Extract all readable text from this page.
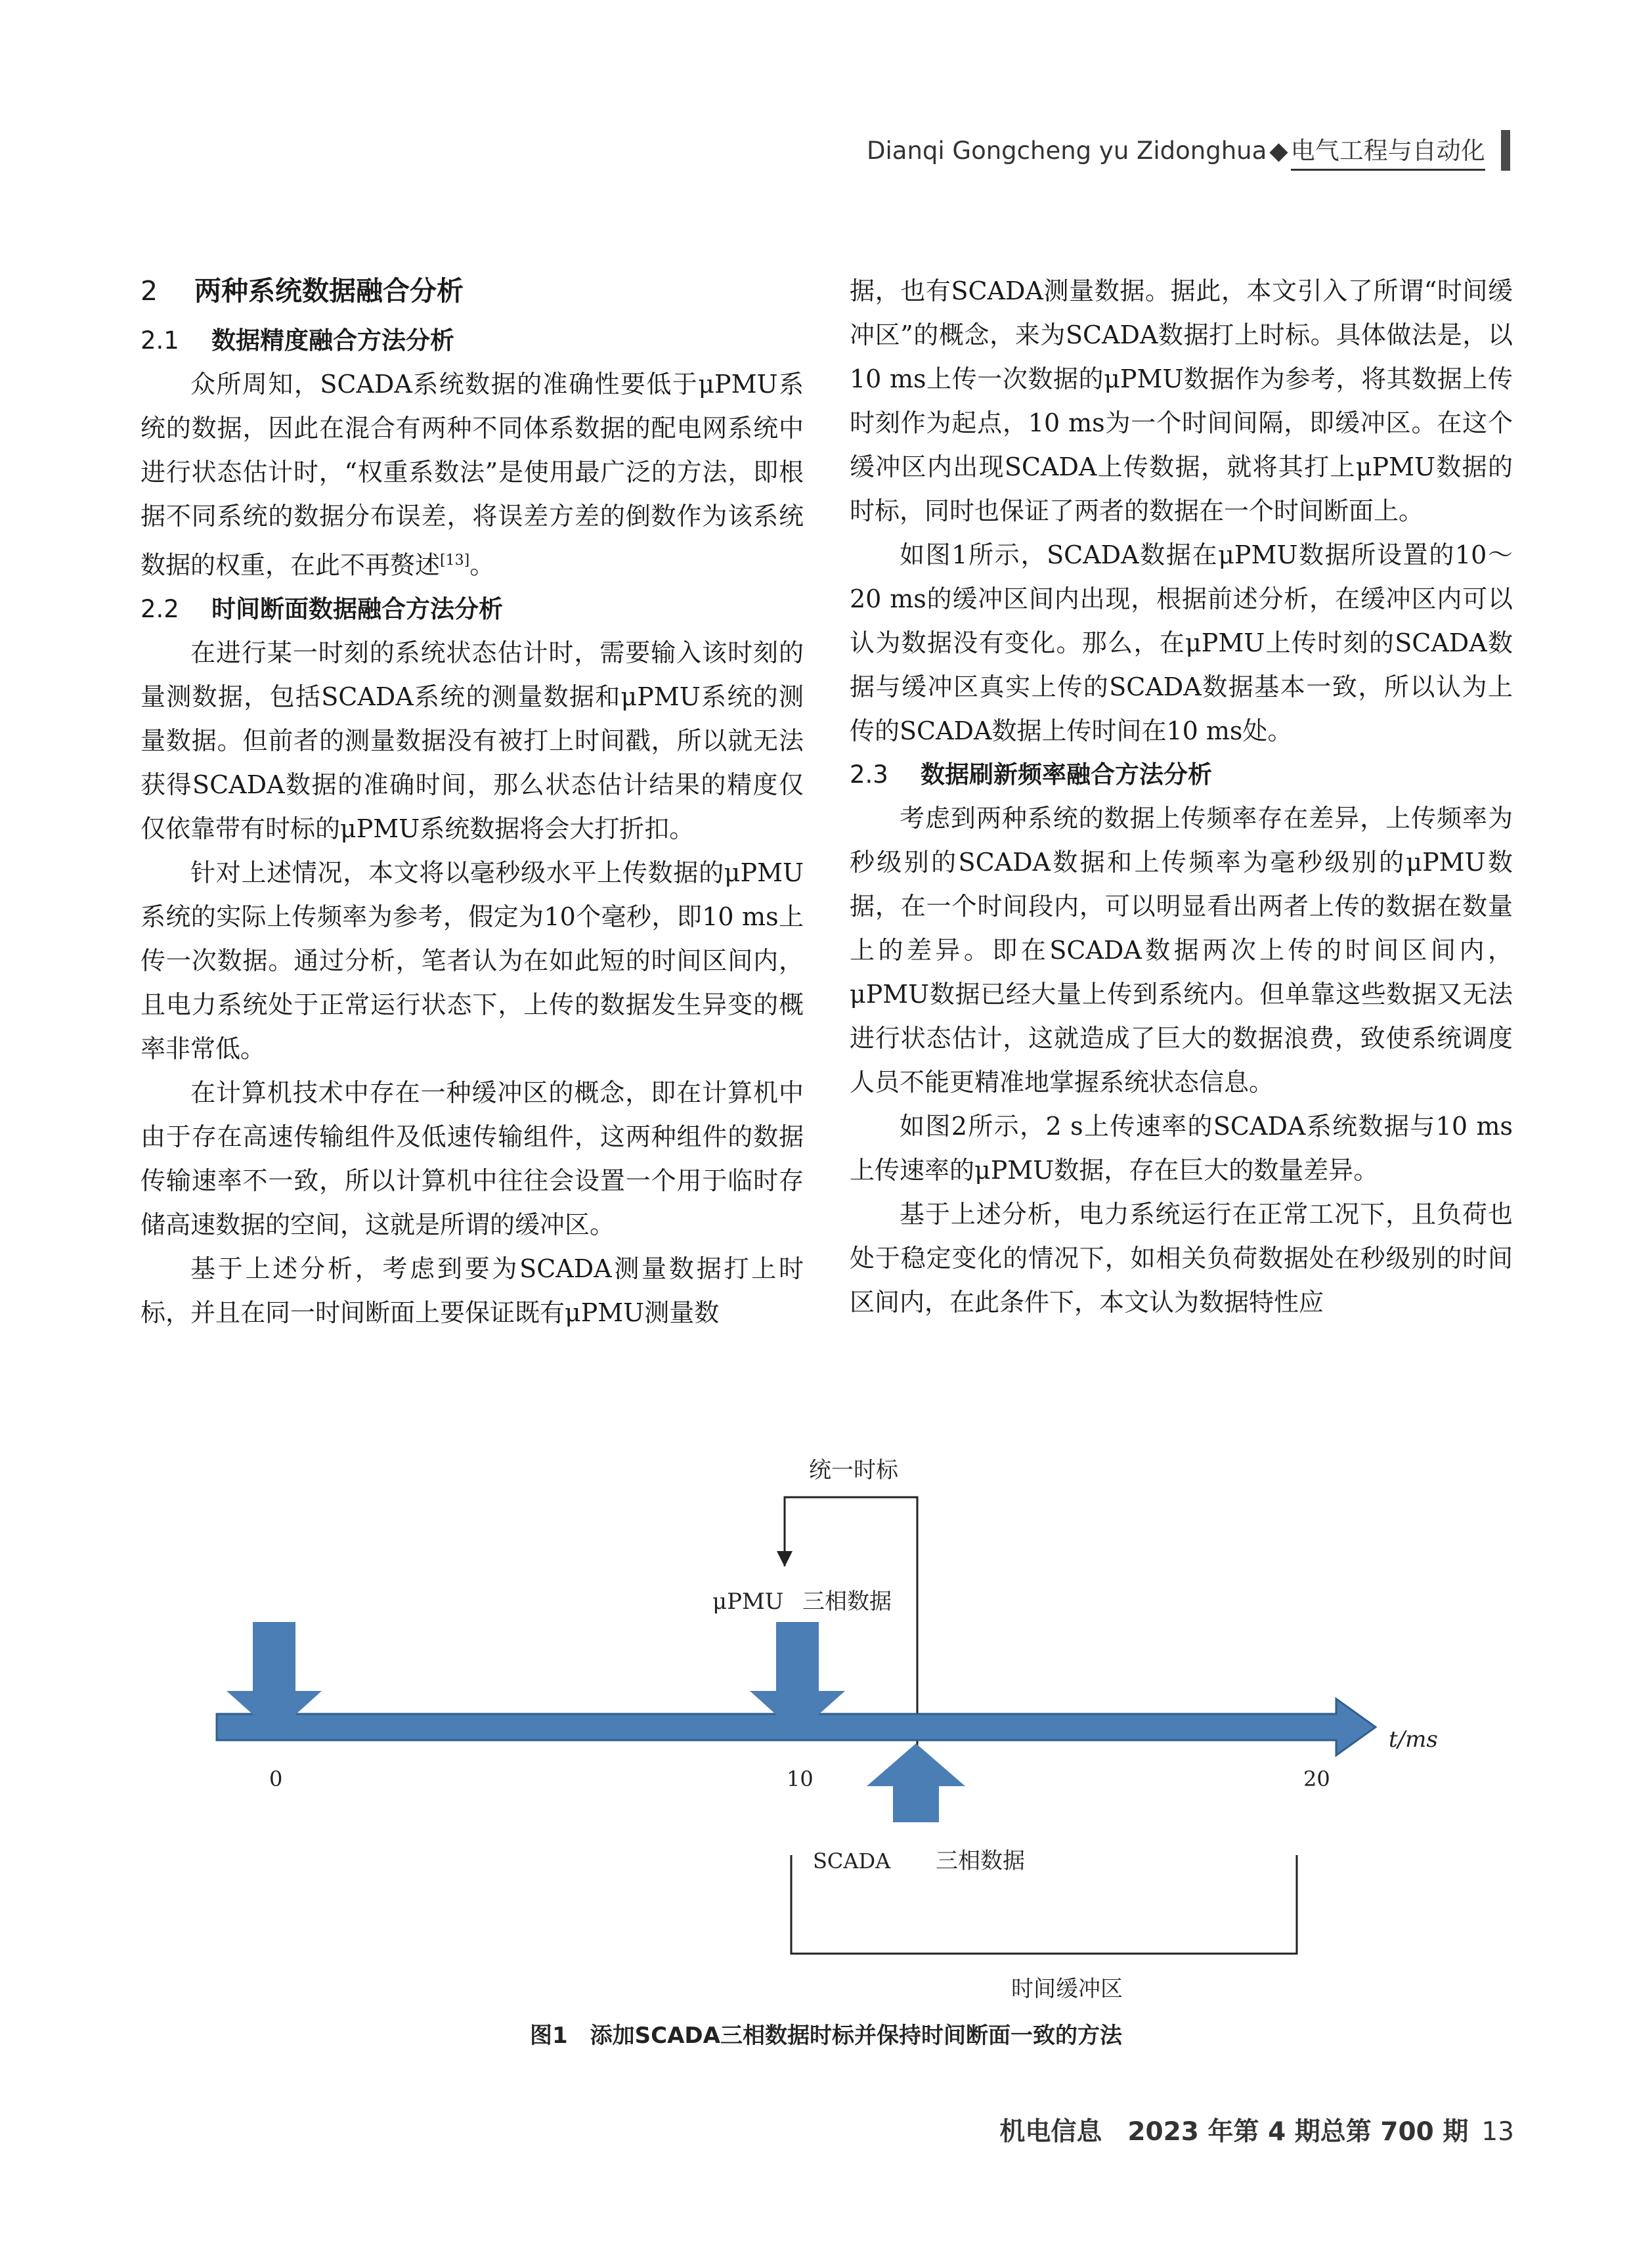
Dianqi Gongcheng yu Zidonghua ◆ 电气工程与自动化
2 两种系统数据融合分析
2.1 数据精度融合方法分析

众所周知，SCADA系统数据的准确性要低于μPMU系统的数据，因此在混合有两种不同体系数据的配电网系统中进行状态估计时，“权重系数法”是使用最广泛的方法，即根据不同系统的数据分布误差，将误差方差的倒数作为该系统数据的权重，在此不再赘述[13]。

2.2 时间断面数据融合方法分析

在进行某一时刻的系统状态估计时，需要输入该时刻的量测数据，包括SCADA系统的测量数据和μPMU系统的测量数据。但前者的测量数据没有被打上时间戳，所以就无法获得SCADA数据的准确时间，那么状态估计结果的精度仅仅依靠带有时标的μPMU系统数据将会大打折扣。

针对上述情况，本文将以毫秒级水平上传数据的μPMU系统的实际上传频率为参考，假定为10个毫秒，即10 ms上传一次数据。通过分析，笔者认为在如此短的时间区间内，且电力系统处于正常运行状态下，上传的数据发生异变的概率非常低。

在计算机技术中存在一种缓冲区的概念，即在计算机中由于存在高速传输组件及低速传输组件，这两种组件的数据传输速率不一致，所以计算机中往往会设置一个用于临时存储高速数据的空间，这就是所谓的缓冲区。

基于上述分析，考虑到要为SCADA测量数据打上时标，并且在同一时间断面上要保证既有μPMU测量数

据，也有SCADA测量数据。据此，本文引入了所谓“时间缓冲区”的概念，来为SCADA数据打上时标。具体做法是，以10 ms上传一次数据的μPMU数据作为参考，将其数据上传时刻作为起点，10 ms为一个时间间隔，即缓冲区。在这个缓冲区内出现SCADA上传数据，就将其打上μPMU数据的时标，同时也保证了两者的数据在一个时间断面上。

如图1所示，SCADA数据在μPMU数据所设置的10～20 ms的缓冲区间内出现，根据前述分析，在缓冲区内可以认为数据没有变化。那么，在μPMU上传时刻的SCADA数据与缓冲区真实上传的SCADA数据基本一致，所以认为上传的SCADA数据上传时间在10 ms处。

2.3 数据刷新频率融合方法分析

考虑到两种系统的数据上传频率存在差异，上传频率为秒级别的SCADA数据和上传频率为毫秒级别的μPMU数据，在一个时间段内，可以明显看出两者上传的数据在数量上的差异。即在SCADA数据两次上传的时间区间内，μPMU数据已经大量上传到系统内。但单靠这些数据又无法进行状态估计，这就造成了巨大的数据浪费，致使系统调度人员不能更精准地掌握系统状态信息。

如图2所示，2 s上传速率的SCADA系统数据与10 ms上传速率的μPMU数据，存在巨大的数量差异。

基于上述分析，电力系统运行在正常工况下，且负荷也处于稳定变化的情况下，如相关负荷数据处在秒级别的时间区间内，在此条件下，本文认为数据特性应

统一时标
μPMU 三相数据
t/ms
0	10	20
SCADA 三相数据
时间缓冲区
图1　添加SCADA三相数据时标并保持时间断面一致的方法
机电信息　2023 年第 4 期总第 700 期 13
